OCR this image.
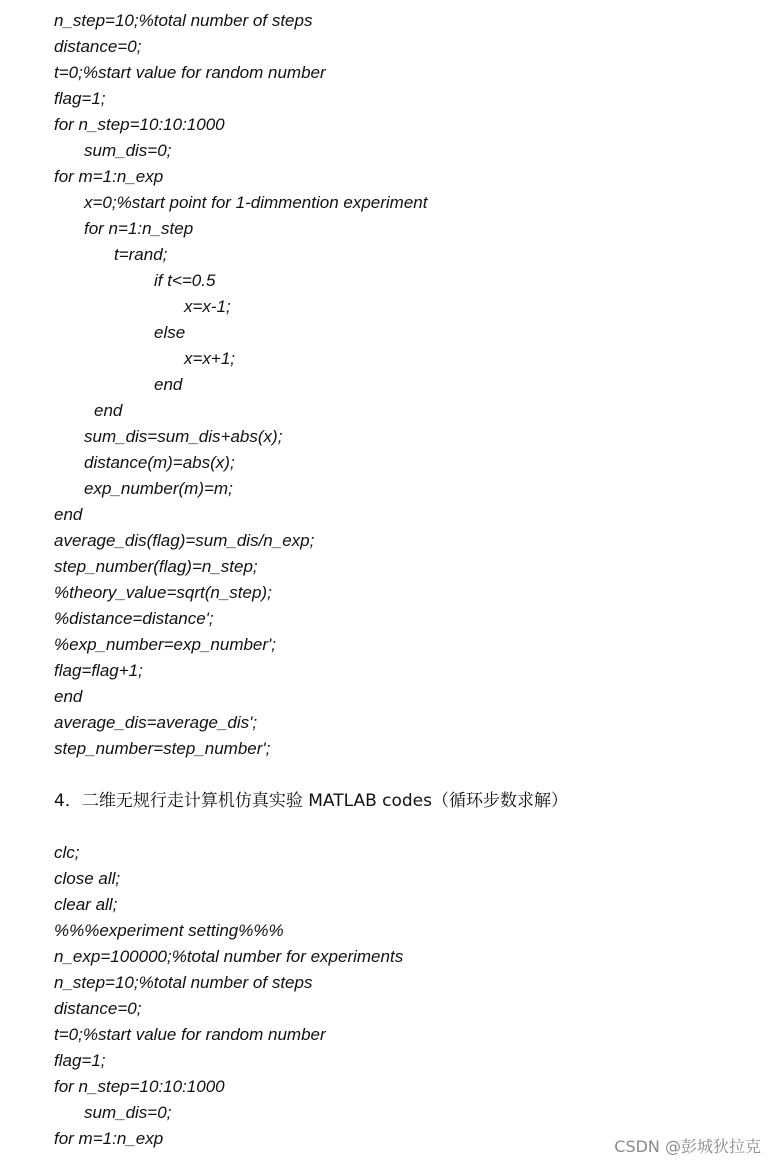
n_step=10;%total number of steps
distance=0;
t=0;%start value for random number
flag=1;
for n_step=10:10:1000
sum_dis=0;
for m=1:n_exp
x=0;%start point for 1-dimmention experiment
for n=1:n_step
t=rand;
if t<=0.5
x=x-1;
else
x=x+1;
end
end
sum_dis=sum_dis+abs(x);
distance(m)=abs(x);
exp_number(m)=m;
end
average_dis(flag)=sum_dis/n_exp;
step_number(flag)=n_step;
%theory_value=sqrt(n_step);
%distance=distance';
%exp_number=exp_number';
flag=flag+1;
end
average_dis=average_dis';
step_number=step_number';
4．二维无规行走计算机仿真实验 MATLAB codes（循环步数求解）
clc;
close all;
clear all;
%%%experiment setting%%%
n_exp=100000;%total number for experiments
n_step=10;%total number of steps
distance=0;
t=0;%start value for random number
flag=1;
for n_step=10:10:1000
sum_dis=0;
for m=1:n_exp	CSDN @彭城狄拉克
